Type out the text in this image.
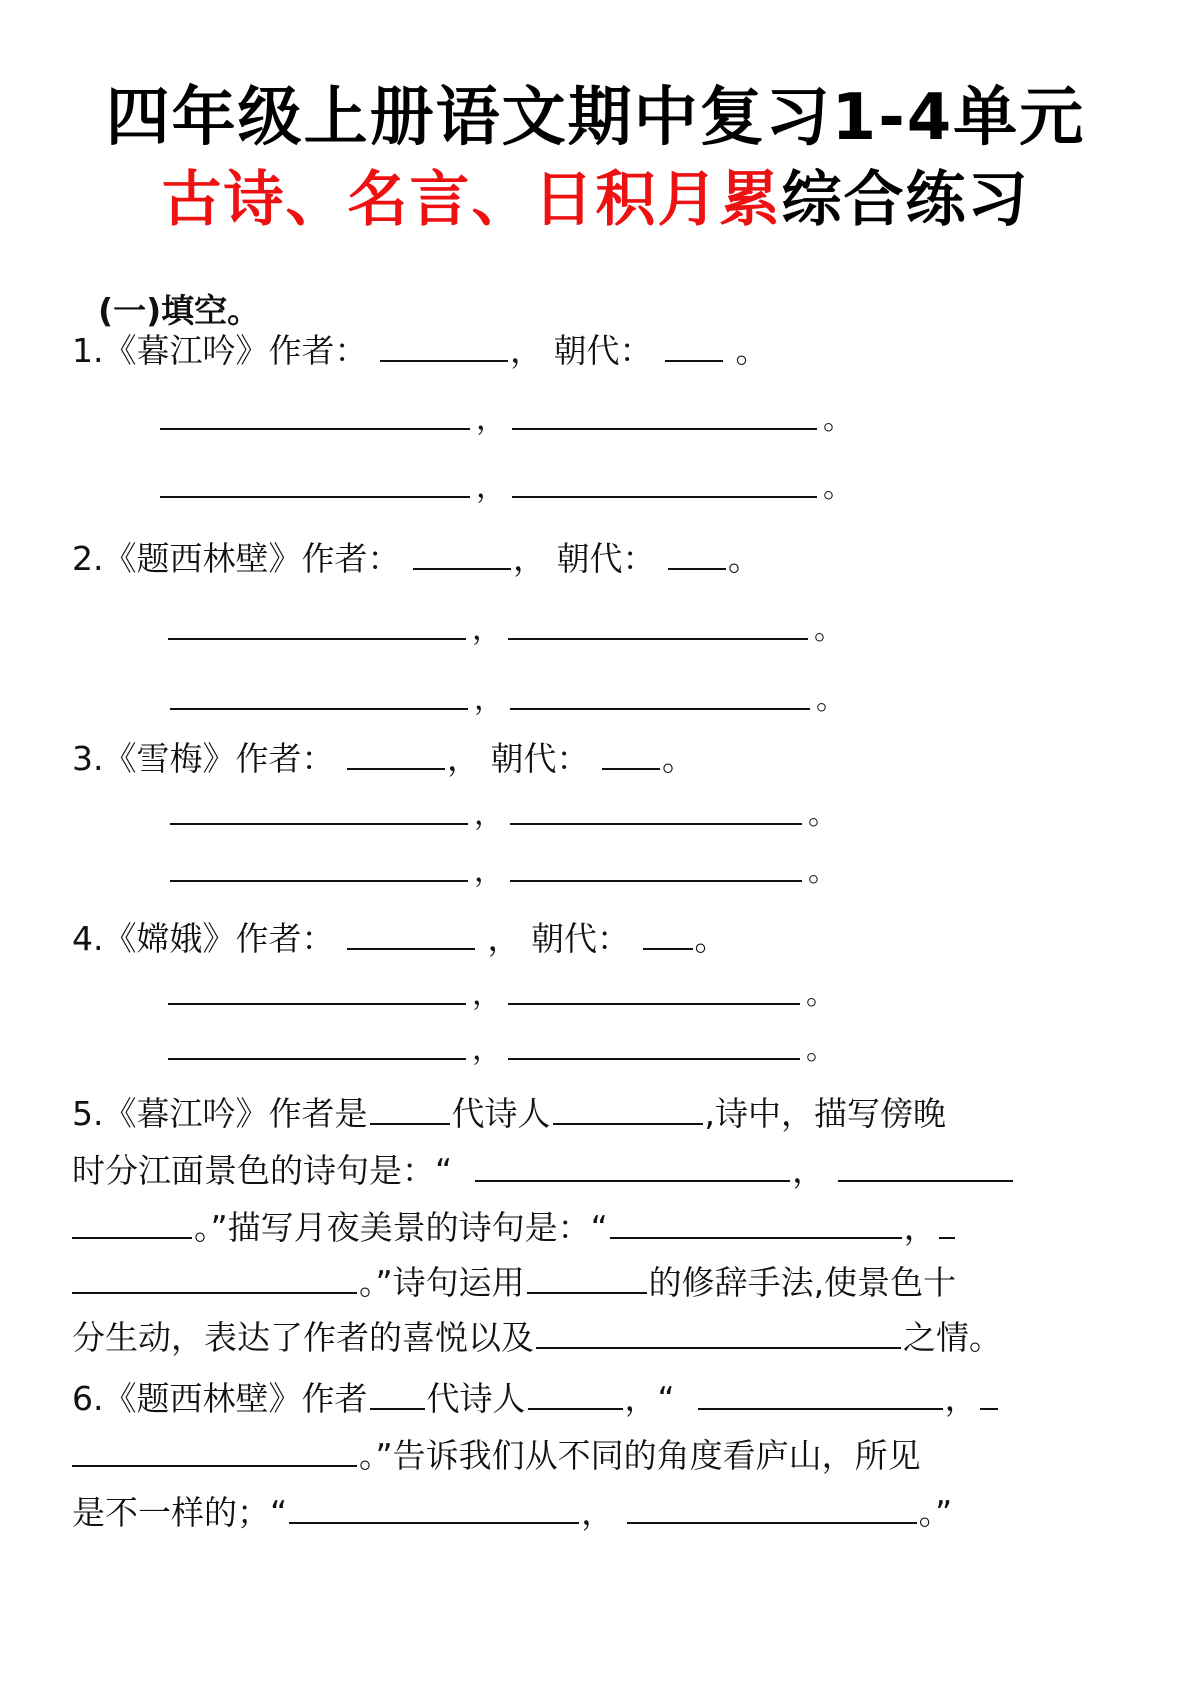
四年级上册语文期中复习1-4单元
古诗、名言、日积月累综合练习
(一)填空。
1.《暮江吟》作者：	， 朝代：	。
，	。
，	。
2.《题西林壁》作者：	， 朝代： 。
，	。
，	。
3.《雪梅》作者：	， 朝代： 。
，	。
，	。
4.《嫦娥》作者：	， 朝代： 。
，	。
，	。
5.《暮江吟》作者是	代诗人	,诗中，描写傍晚
时分江面景色的诗句是：“	，
。”描写月夜美景的诗句是：“	，
。”诗句运用	的修辞手法,使景色十
分生动，表达了作者的喜悦以及	之情。
6.《题西林壁》作者 代诗人	，“	，
。”告诉我们从不同的角度看庐山，所见
是不一样的；“	，	。”
